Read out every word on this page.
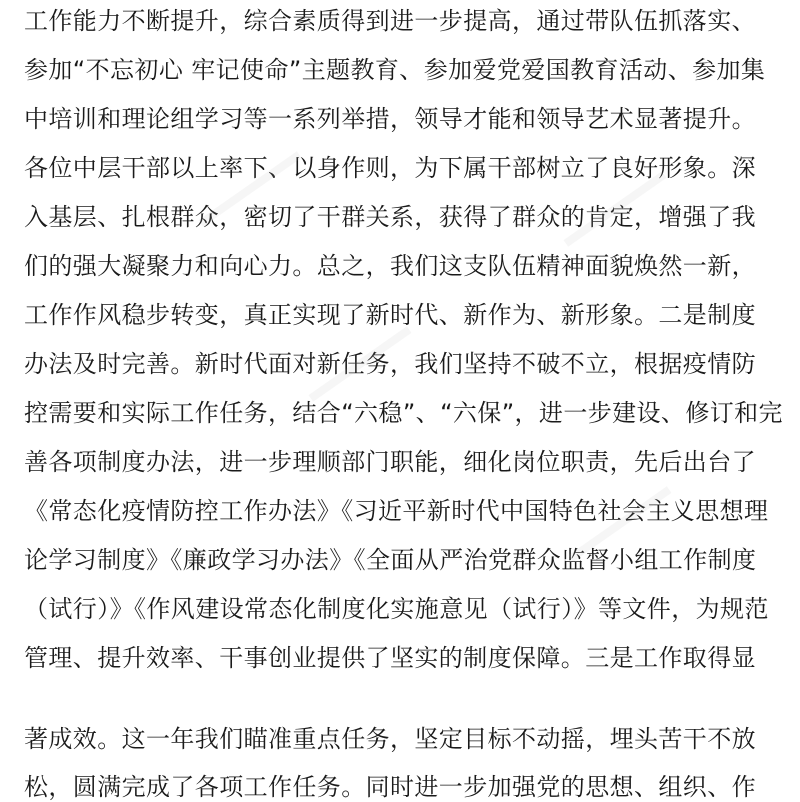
工作能力不断提升，综合素质得到进一步提高，通过带队伍抓落实、
参加“不忘初心 牢记使命”主题教育、参加爱党爱国教育活动、参加集
中培训和理论组学习等一系列举措，领导才能和领导艺术显著提升。
各位中层干部以上率下、以身作则，为下属干部树立了良好形象。深
入基层、扎根群众，密切了干群关系，获得了群众的肯定，增强了我
们的强大凝聚力和向心力。总之，我们这支队伍精神面貌焕然一新，
工作作风稳步转变，真正实现了新时代、新作为、新形象。二是制度
办法及时完善。新时代面对新任务，我们坚持不破不立，根据疫情防
控需要和实际工作任务，结合“六稳”、“六保”，进一步建设、修订和完
善各项制度办法，进一步理顺部门职能，细化岗位职责，先后出台了
《常态化疫情防控工作办法》《习近平新时代中国特色社会主义思想理
论学习制度》《廉政学习办法》《全面从严治党群众监督小组工作制度
（试行）》《作风建设常态化制度化实施意见（试行）》等文件，为规范
管理、提升效率、干事创业提供了坚实的制度保障。三是工作取得显
著成效。这一年我们瞄准重点任务，坚定目标不动摇，埋头苦干不放
松，圆满完成了各项工作任务。同时进一步加强党的思想、组织、作
